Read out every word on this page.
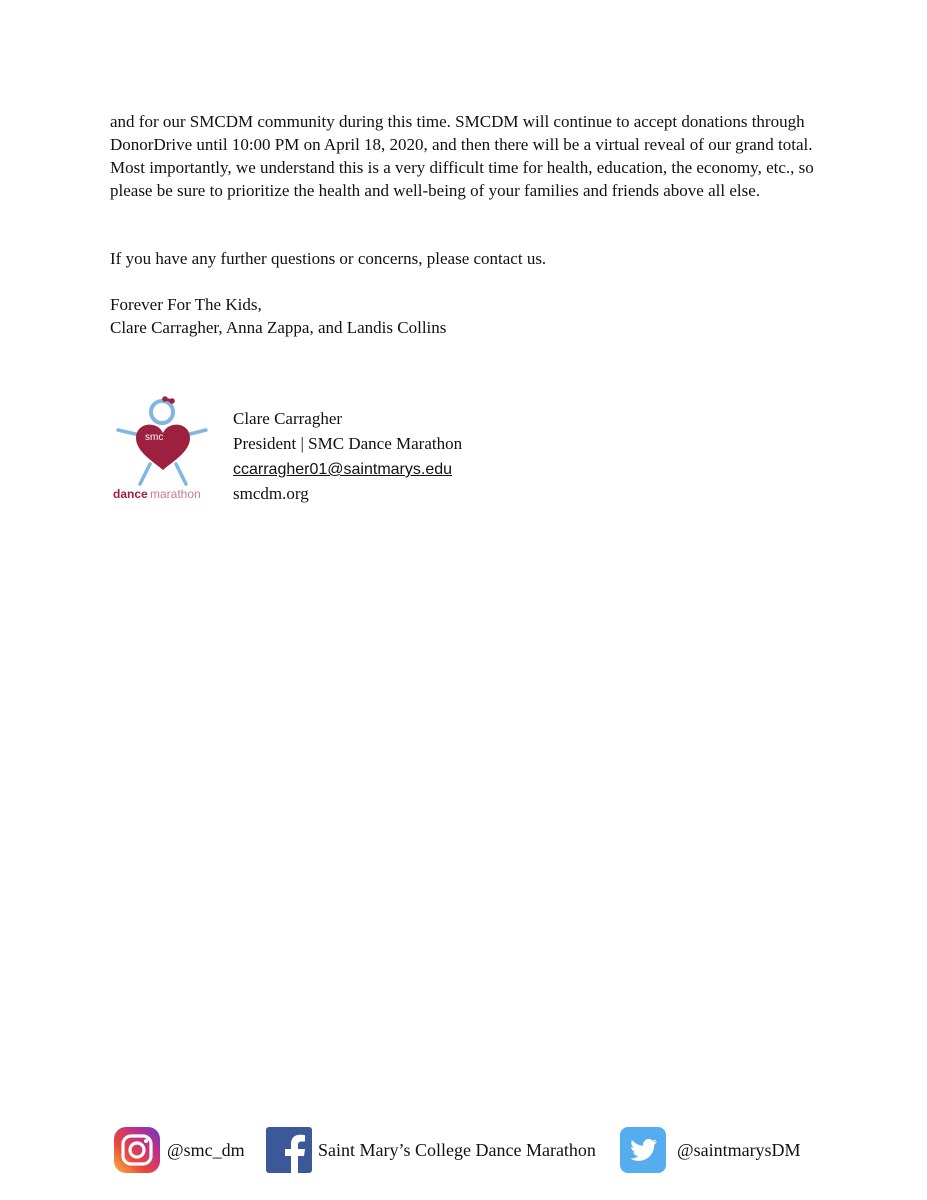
and for our SMCDM community during this time. SMCDM will continue to accept donations through DonorDrive until 10:00 PM on April 18, 2020, and then there will be a virtual reveal of our grand total. Most importantly, we understand this is a very difficult time for health, education, the economy, etc., so please be sure to prioritize the health and well-being of your families and friends above all else.

If you have any further questions or concerns, please contact us.

Forever For The Kids,
Clare Carragher, Anna Zappa, and Landis Collins

smc
dance marathon
Clare Carragher
President | SMC Dance Marathon
ccarragher01@saintmarys.edu
smcdm.org
@smc_dm	Saint Mary’s College Dance Marathon	@saintmarysDM
